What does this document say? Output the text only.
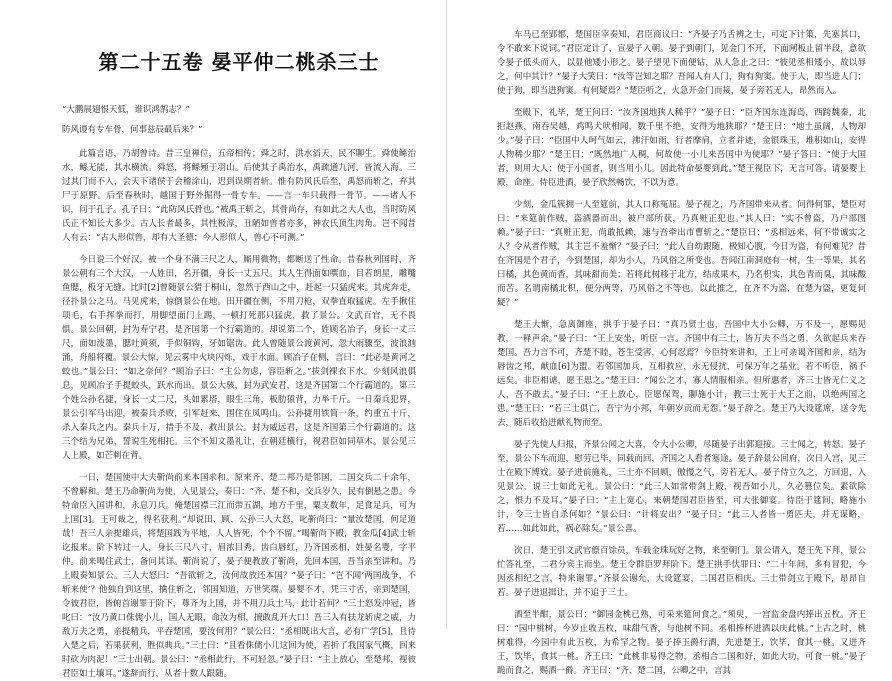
第二十五卷 晏平仲二桃杀三士

“大鹏展翅恨天低，谁识鸿鹄志？”

防风谩有专车骨，何事兹辰最后来？”

此篇言语，乃胡曾诗。昔三皇禅位，五帝相传；舜之时，洪水滔天，民不聊生。舜使鲧治水，鲧无能，其水横流。舜怒，将鲧殛于羽山。后使其子禹治水，禹疏通九河，皆流入海。三过其门而不入，会天下诸侯于会稽涂山，迟到误期者斩。惟有防风氏后至，禹怒而斩之，弃其尸于原野。后至春秋时，越国于野外掘得一骨专车。——言一车只载得一骨节。——诸人不识，问于孔子。孔子曰：“此防风氏骨也。”被禹王斩之，其骨尚存，有如此之大人也，当时防风氏正不知长大多少。古人长者最多，其性极淳，丑陋如兽者亦多，神农氏顶生肉角。岂不闻昔人有云：“古人形似兽，却有大圣德；今人形似人，兽心不可测。”

今日说三个好汉，被一个身不满三尺之人，厮用微物，都断送了性命。昔春秋列国时，齐景公朝有三个大汉，一人姓田，名开疆，身长一丈五尺。其人生得面如噀血，目若朗星，雕嘴鱼腮，板牙无缝。比时[2]曾随景公猎于桐山，忽然于西山之中，赶起一只猛虎来。其虎奔走，径扑景公之马。马见虎来，惊倒景公在地。田开疆在侧，不用刀枪，双拳直取猛虎。左手揪住项毛，右手挥拳而打，用脚望面门上踢，一顿打死那只猛虎，救了景公。文武百官，无不畏惧。景公回朝，封为寿宁君，是齐国第一个行霸道的。却说第二个，姓顾名冶子，身长一丈三尺，面如泼墨，腮吐黄须，手似铜钩，牙如锯齿。此人曾随景公渡黄河，忽大雨骤至，波浪汹涌，舟船将覆。景公大惊，见云雾中火块闪烁，戏于水面。顾冶子在侧，言曰：“此必是黄河之蛟也。”景公曰：“如之奈何？”顾冶子曰：“主公勿虑，容臣斩之。”拔剑裸衣下水。少刻风浪俱息，见顾冶子手提蛟头，跃水而出。景公大骇，封为武安君，这是齐国第二个行霸道的。第三个姓公孙名捷，身长一丈二尺，头如累塔，眼生三角，板肋猿背，力举千斤。一日秦兵犯界，景公引军马出迎，被秦兵杀败，引军赶来，围住在凤鸣山。公孙捷用铁简一条，约重五十斤，杀入秦兵之内。秦兵十万，措手不及，救出景公。封为威远君，这是齐国第三个行霸道的。这三个结为兄弟，誓说生死相托。三个不知文墨礼让，在朝廷横行，视君臣如同草木。景公见三人上殿，如芒刺在背。

一日，楚国使中大夫靳尚前来本国求和。原来齐、楚二邦乃是邻国，二国交兵二十余年，不曾解和。楚王乃命靳尚为使，入见景公，奏曰：“齐、楚不和，交兵岁久，民有倒悬之患。今特命臣入国讲和，永息刀兵。俺楚国襟三江而带五湖，地方千里，粟支数年，足食足兵，可为上国[3]。王可裁之，得名获利。”却说田、顾、公孙三人大怒，叱靳尚曰：“量汝楚国，何足道哉！吾三人亲提雄兵，将楚国践为平地，人人皆死，个个不留。”喝靳尚下殿，教金瓜[4]武士斩讫报来。阶下转过一人，身长三尺八寸，眉浓目秀，齿白唇红，乃齐国丞相，姓晏名婴，字平仲。前来喝住武士，备问其详。靳尚说了，晏子便教放了靳尚，先回本国，吾当亲至讲和。乃上殿奏知景公。三人大怒曰：“吾欲斩之，汝何故放还本国？”晏子曰：“岂不闻‘两国战争，不斩来使’？他独自到这里，擒住斩之，邻国知道，万世笑端。晏婴不才，凭三寸舌，亲到楚国，令彼君臣，皆俯首谢罪于阶下，尊齐为上国，并不用刀兵士马，此计若何？”三士怒发冲冠，皆叱曰：“汝乃黄口侏儒小儿，国人无眼，命汝为相，擅敢乱开大口！吾三人有扶龙斩虎之威，力敌万夫之勇，亲提精兵，平吞楚国，要汝何用？”景公曰：“丞相既出大言，必有广学[5]，且待入楚之后，若果获利，胜似典兵。”三士曰：“且看侏儒小儿这回为使，若折了我国家气概，回来时砍为肉泥！”三士出朝。景公曰：“丞相此行，不可轻忽。”晏子曰：“主上放心，至楚邦，视彼君臣如土壤耳。”遂辞而行，从者十数人跟随。

车马已至郢都，楚国臣宰奏知，君臣商议曰：“齐晏子乃舌辨之士，可定下计策，先塞其口，令不敢来下说词。”君臣定计了，宣晏子入朝。晏子到朝门，见金门不开，下面闸板止留半段，意欲令晏子低头而入，以显他矮小形之。晏子望见下面便钻，从人急止之曰：“彼见丞相矮小，故以辱之，何中其计？”晏子大笑曰：“汝等岂知之耶？吾闻人有人门，狗有狗窦。使于人，即当进人门；使于狗，即当进狗窦。有何疑焉？”楚臣听之，火急开金门而接，晏子旁若无人，昂然而入。

至殿下，礼毕，楚王问曰：“汝齐国地狭人稀乎？”晏子曰：“臣齐国东连海岛，西跨魏秦，北拒赵燕，南吞吴越，鸡鸣犬吠相闻，数千里不绝，安得为地狭耶？”楚王曰：“地土虽阔，人物却少。”晏子曰：“臣国中人呵气如云，沸汗如雨，行者摩肩，立者并迹，金银珠玉，堆积如山，安得人物稀少耶？”楚王曰：“既然地广人稠，何故使一小儿来吾国中为使耶？”晏子答曰：“使于大国者，则用大人；使于小国者，则当用小儿。因此特命晏婴到此。”楚王视臣下，无言可答。请晏婴上殿，命座。侍臣进酒，晏子欣然畅饮，不以为意。

少刻，金瓜簇拥一人至筵前，其人口称冤屈。晏子视之，乃齐国带来从者。问得何罪，楚臣对曰：“来筵前作贼，盗酒器而出，被户部所获，乃真赃正犯也。”其人曰：“实不曾盗，乃户部图赖。”晏子曰：“真赃正犯，尚敢抵赖，速与吾牵出市曹斩之。”楚臣曰：“丞相远来，何不带诚实之人？令从者作贼，其主岂不羞惭？”晏子曰：“此人自幼跟随，极知心腹，今日为盗，有何难见？昔在齐国是个君子，今到楚国，却为小人，乃风俗之所变也。吾闻江南洞庭有一树，生一等果，其名曰橘，其色黄而香，其味甜而美；若将此树移于北方，结成果木，乃名枳实，其色青而臭，其味酸而苦。名谓南橘北枳，便分两等，乃风俗之不等也。以此推之，在齐不为盗，在楚为盗，更复何疑？”

楚王大惭，急离御座，拱手于晏子曰：“真乃贤士也，吾国中大小公卿，万不及一，愿赐见教，一释声余。”晏子曰：“王上安坐，听臣一言。齐国中有三士，皆万夫不当之勇，久欲起兵来吞楚国。吾力言不可，齐楚不睦，苍生受害，心何忍焉？今臣特来讲和，王上可亲谒齐国和亲，结为唇齿之邦，献血[6]为盟。若邻国加兵，互相救应，永无侵扰，可保万年之基业。若不听臣，祸不远矣。非臣相谑，愿王思之。”楚王曰：“闻公之才，寡人情服相亲。但所惠者，齐三士皆无仁义之人，吾不敢去。”晏子曰：“王上放心，臣愿保驾，聊施小计，教三士死于大王之前，以绝两国之患。”楚王曰：“若三士俱亡，吾宁为小邦，年朝岁贡而无怨。”晏子辞之。楚王乃大设筵席，送令先去，随后收拾进献礼物而至。

晏子先使人归报，齐景公闻之大喜，令大小公卿，尽随晏子出郭迎接。三士闻之，转怒。晏子至，景公下车而迎，慰劳已毕，同载而回，齐国之人看者塞途。晏子辞景公回府，次日入宫，见三士在殿下博戏。晏子进前施礼，三士亦不回顾，傲慢之气，旁若无人。晏子侍立久之，方回退，入见景公，说三士如此无礼。景公曰：“此三人如常带剑上殿，视吾如小儿，久必篡位矣。素欲除之，恨力不及耳。”晏子曰：“主上宽心，来朝楚国君臣皆至，可大张御宴。待臣于筵间，略施小计，令三士皆自杀何如？”景公曰：“计将安出？”晏子曰：“此三人者皆一勇匹夫，并无谋略，若……如此如此，祸必除矣。”景公喜。

次日，楚王引文武官僚百馀员，车载金珠玩好之物，来至朝门。景公请入，楚王先下拜，景公忙答礼至，二君分宾主而坐。楚王令群臣罗拜阶下。楚王拱手伏罪曰：“二十年间，多有冒犯，今因丞相纪之言，特来谢罪。”齐景公谢允，大设筵宴，二国君臣相庆。三士带剑立于殿下，昂昂自若。晏子进退揖让，并不追于三士。

酒至半酣，景公曰：“御园金桃已熟，可采来筵间食之。”须臾，一宫监金盘内捧出五枚。齐王曰：“园中桃树，今岁止收五枚，味甜气香，与他树不同。丞相捧杯进酒以庆此桃。”上古之时，桃树难得，今园中有此五枚，为希罕之物。晏子捧玉爵行酒，先进楚王，饮毕，食其一桃。又进齐王，饮毕，食其一桃。齐王曰：“此桃非易得之物，丞相合二国和好，如此大功，可食一桃。”晏子跪而食之，赐酒一爵。齐王曰：“齐、楚二国，公卿之中，言其
